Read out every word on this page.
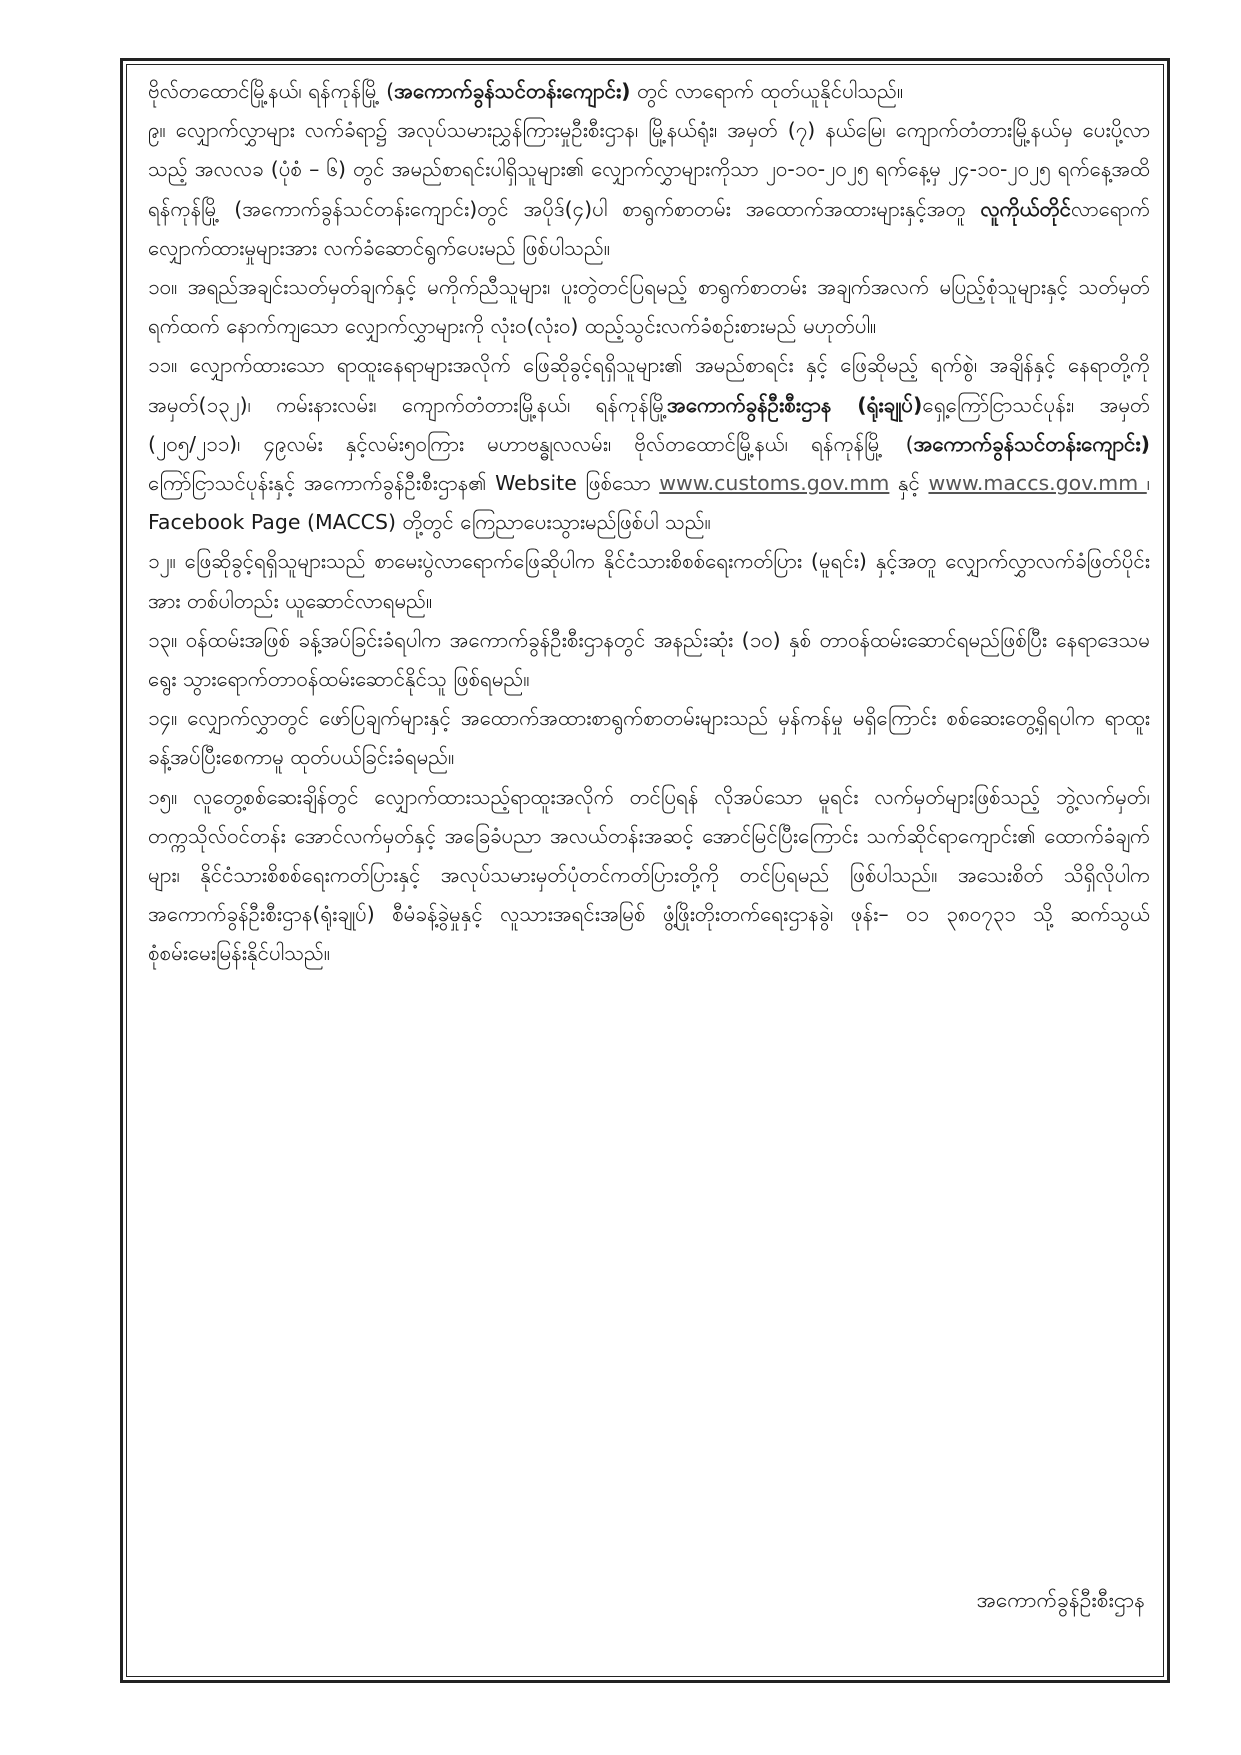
ဗိုလ်တထောင်မြို့နယ်၊ ရန်ကုန်မြို့ (အကောက်ခွန်သင်တန်းကျောင်း) တွင် လာရောက် ထုတ်ယူနိုင်ပါသည်။

၉။ လျှောက်လွှာများ လက်ခံရာ၌ အလုပ်သမားညွှန်ကြားမှုဦးစီးဌာန၊ မြို့နယ်ရုံး၊ အမှတ် (၇) နယ်မြေ၊ ကျောက်တံတားမြို့နယ်မှ ပေးပို့လာသည့် အလလခ (ပုံစံ – ၆) တွင် အမည်စာရင်းပါရှိသူများ၏ လျှောက်လွှာများကိုသာ ၂၀-၁၀-၂၀၂၅ ရက်နေ့မှ ၂၄-၁၀-၂၀၂၅ ရက်နေ့အထိ ရန်ကုန်မြို့ (အကောက်ခွန်သင်တန်းကျောင်း)တွင် အပိုဒ်(၄)ပါ စာရွက်စာတမ်း အထောက်အထားများနှင့်အတူ လူကိုယ်တိုင်လာရောက်လျှောက်ထားမှုများအား လက်ခံဆောင်ရွက်ပေးမည် ဖြစ်ပါသည်။

၁၀။ အရည်အချင်းသတ်မှတ်ချက်နှင့် မကိုက်ညီသူများ၊ ပူးတွဲတင်ပြရမည့် စာရွက်စာတမ်း အချက်အလက် မပြည့်စုံသူများနှင့် သတ်မှတ်ရက်ထက် နောက်ကျသော လျှောက်လွှာများကို လုံးဝ(လုံးဝ) ထည့်သွင်းလက်ခံစဉ်းစားမည် မဟုတ်ပါ။

၁၁။ လျှောက်ထားသော ရာထူးနေရာများအလိုက် ဖြေဆိုခွင့်ရရှိသူများ၏ အမည်စာရင်း နှင့် ဖြေဆိုမည့် ရက်စွဲ၊ အချိန်နှင့် နေရာတို့ကို အမှတ်(၁၃၂)၊ ကမ်းနားလမ်း၊ ကျောက်တံတားမြို့နယ်၊ ရန်ကုန်မြို့အကောက်ခွန်ဦးစီးဌာန (ရုံးချုပ်)ရှေ့ကြော်ငြာသင်ပုန်း၊ အမှတ် (၂၀၅/၂၁၁)၊ ၄၉လမ်း နှင့်လမ်း၅၀ကြား မဟာဗန္ဓုလလမ်း၊ ဗိုလ်တထောင်မြို့နယ်၊ ရန်ကုန်မြို့ (အကောက်ခွန်သင်တန်းကျောင်း) ကြော်ငြာသင်ပုန်းနှင့် အကောက်ခွန်ဦးစီးဌာန၏ Website ဖြစ်သော www.customs.gov.mm နှင့် www.maccs.gov.mm ၊ Facebook Page (MACCS) တို့တွင် ကြေညာပေးသွားမည်ဖြစ်ပါ သည်။

၁၂။ ဖြေဆိုခွင့်ရရှိသူများသည် စာမေးပွဲလာရောက်ဖြေဆိုပါက နိုင်ငံသားစိစစ်ရေးကတ်ပြား (မူရင်း) နှင့်အတူ လျှောက်လွှာလက်ခံဖြတ်ပိုင်းအား တစ်ပါတည်း ယူဆောင်လာရမည်။

၁၃။ ဝန်ထမ်းအဖြစ် ခန့်အပ်ခြင်းခံရပါက အကောက်ခွန်ဦးစီးဌာနတွင် အနည်းဆုံး (၁၀) နှစ် တာဝန်ထမ်းဆောင်ရမည်ဖြစ်ပြီး နေရာဒေသမရွေး သွားရောက်တာဝန်ထမ်းဆောင်နိုင်သူ ဖြစ်ရမည်။

၁၄။ လျှောက်လွှာတွင် ဖော်ပြချက်များနှင့် အထောက်အထားစာရွက်စာတမ်းများသည် မှန်ကန်မှု မရှိကြောင်း စစ်ဆေးတွေ့ရှိရပါက ရာထူးခန့်အပ်ပြီးစေကာမူ ထုတ်ပယ်ခြင်းခံရမည်။

၁၅။ လူတွေ့စစ်ဆေးချိန်တွင် လျှောက်ထားသည့်ရာထူးအလိုက် တင်ပြရန် လိုအပ်သော မူရင်း လက်မှတ်များဖြစ်သည့် ဘွဲ့လက်မှတ်၊ တက္ကသိုလ်ဝင်တန်း အောင်လက်မှတ်နှင့် အခြေခံပညာ အလယ်တန်းအဆင့် အောင်မြင်ပြီးကြောင်း သက်ဆိုင်ရာကျောင်း၏ ထောက်ခံချက်များ၊ နိုင်ငံသားစိစစ်ရေးကတ်ပြားနှင့် အလုပ်သမားမှတ်ပုံတင်ကတ်ပြားတို့ကို တင်ပြရမည် ဖြစ်ပါသည်။ အသေးစိတ် သိရှိလိုပါက အကောက်ခွန်ဦးစီးဌာန(ရုံးချုပ်) စီမံခန့်ခွဲမှုနှင့် လူသားအရင်းအမြစ် ဖွံ့ဖြိုးတိုးတက်ရေးဌာနခွဲ၊ ဖုန်း– ၀၁ ၃၈၀၇၃၁ သို့ ဆက်သွယ်စုံစမ်းမေးမြန်းနိုင်ပါသည်။

အကောက်ခွန်ဦးစီးဌာန
